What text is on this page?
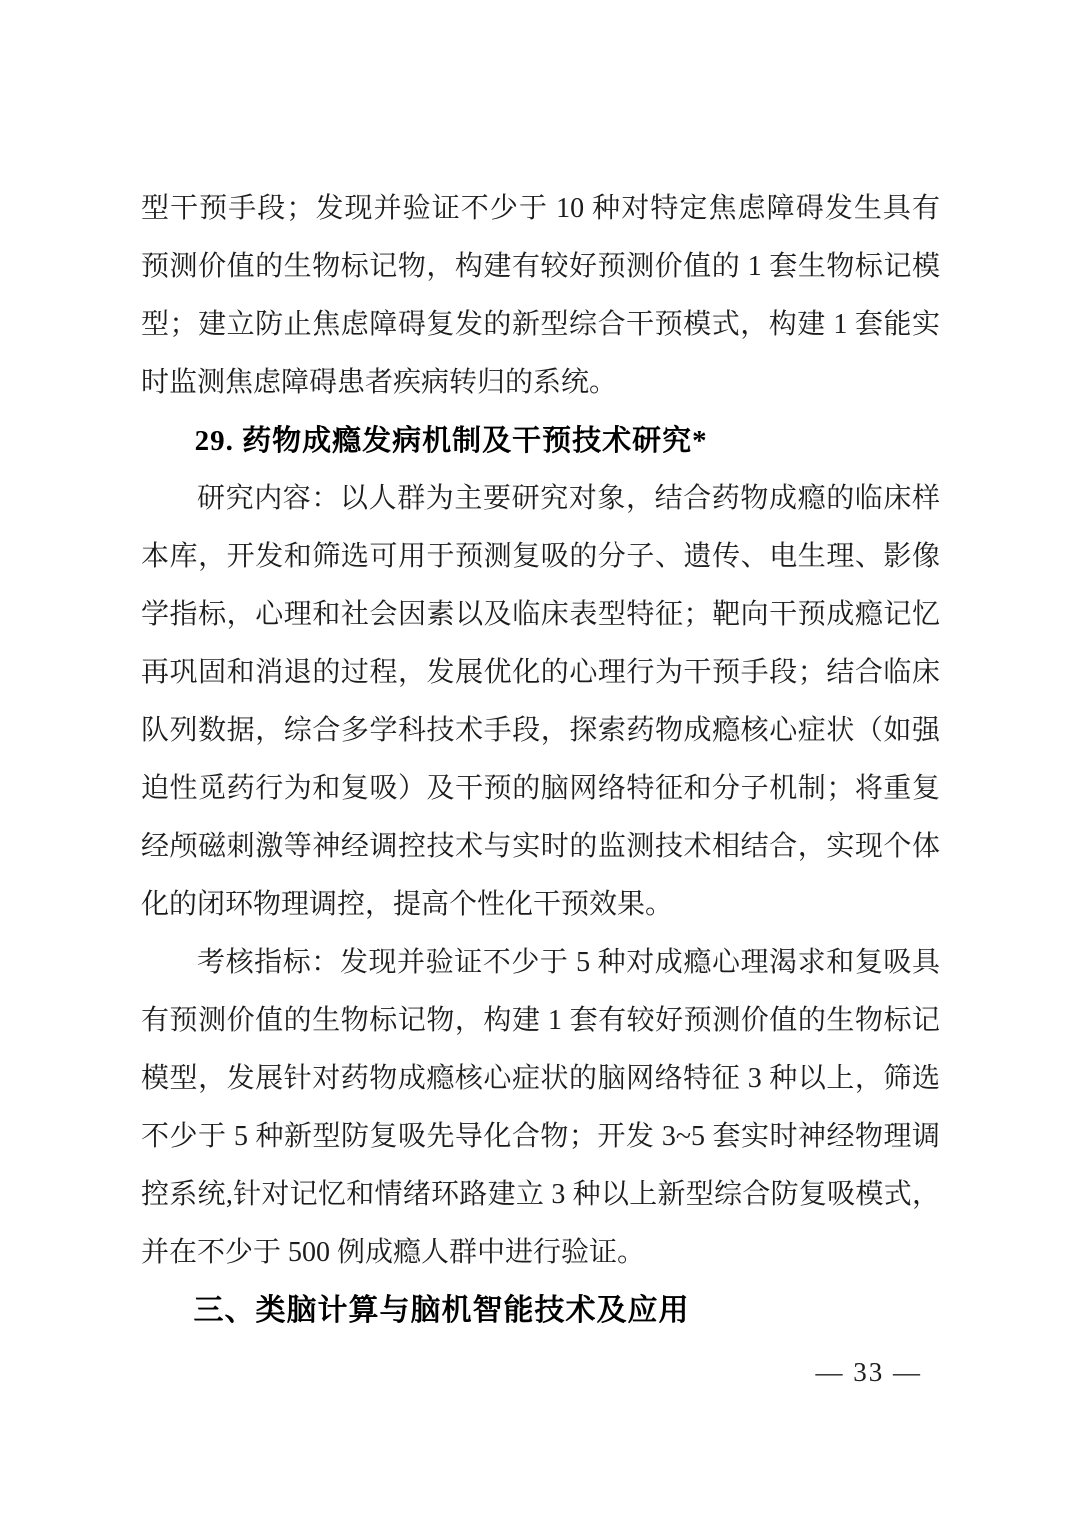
型干预手段；发现并验证不少于 10 种对特定焦虑障碍发生具有
预测价值的生物标记物，构建有较好预测价值的 1 套生物标记模
型；建立防止焦虑障碍复发的新型综合干预模式，构建 1 套能实
时监测焦虑障碍患者疾病转归的系统。
29. 药物成瘾发病机制及干预技术研究*
研究内容：以人群为主要研究对象，结合药物成瘾的临床样
本库，开发和筛选可用于预测复吸的分子、遗传、电生理、影像
学指标，心理和社会因素以及临床表型特征；靶向干预成瘾记忆
再巩固和消退的过程，发展优化的心理行为干预手段；结合临床
队列数据，综合多学科技术手段，探索药物成瘾核心症状（如强
迫性觅药行为和复吸）及干预的脑网络特征和分子机制；将重复
经颅磁刺激等神经调控技术与实时的监测技术相结合，实现个体
化的闭环物理调控，提高个性化干预效果。
考核指标：发现并验证不少于 5 种对成瘾心理渴求和复吸具
有预测价值的生物标记物，构建 1 套有较好预测价值的生物标记
模型，发展针对药物成瘾核心症状的脑网络特征 3 种以上，筛选
不少于 5 种新型防复吸先导化合物；开发 3~5 套实时神经物理调
控系统,针对记忆和情绪环路建立 3 种以上新型综合防复吸模式，
并在不少于 500 例成瘾人群中进行验证。
三、类脑计算与脑机智能技术及应用
— 33 —
